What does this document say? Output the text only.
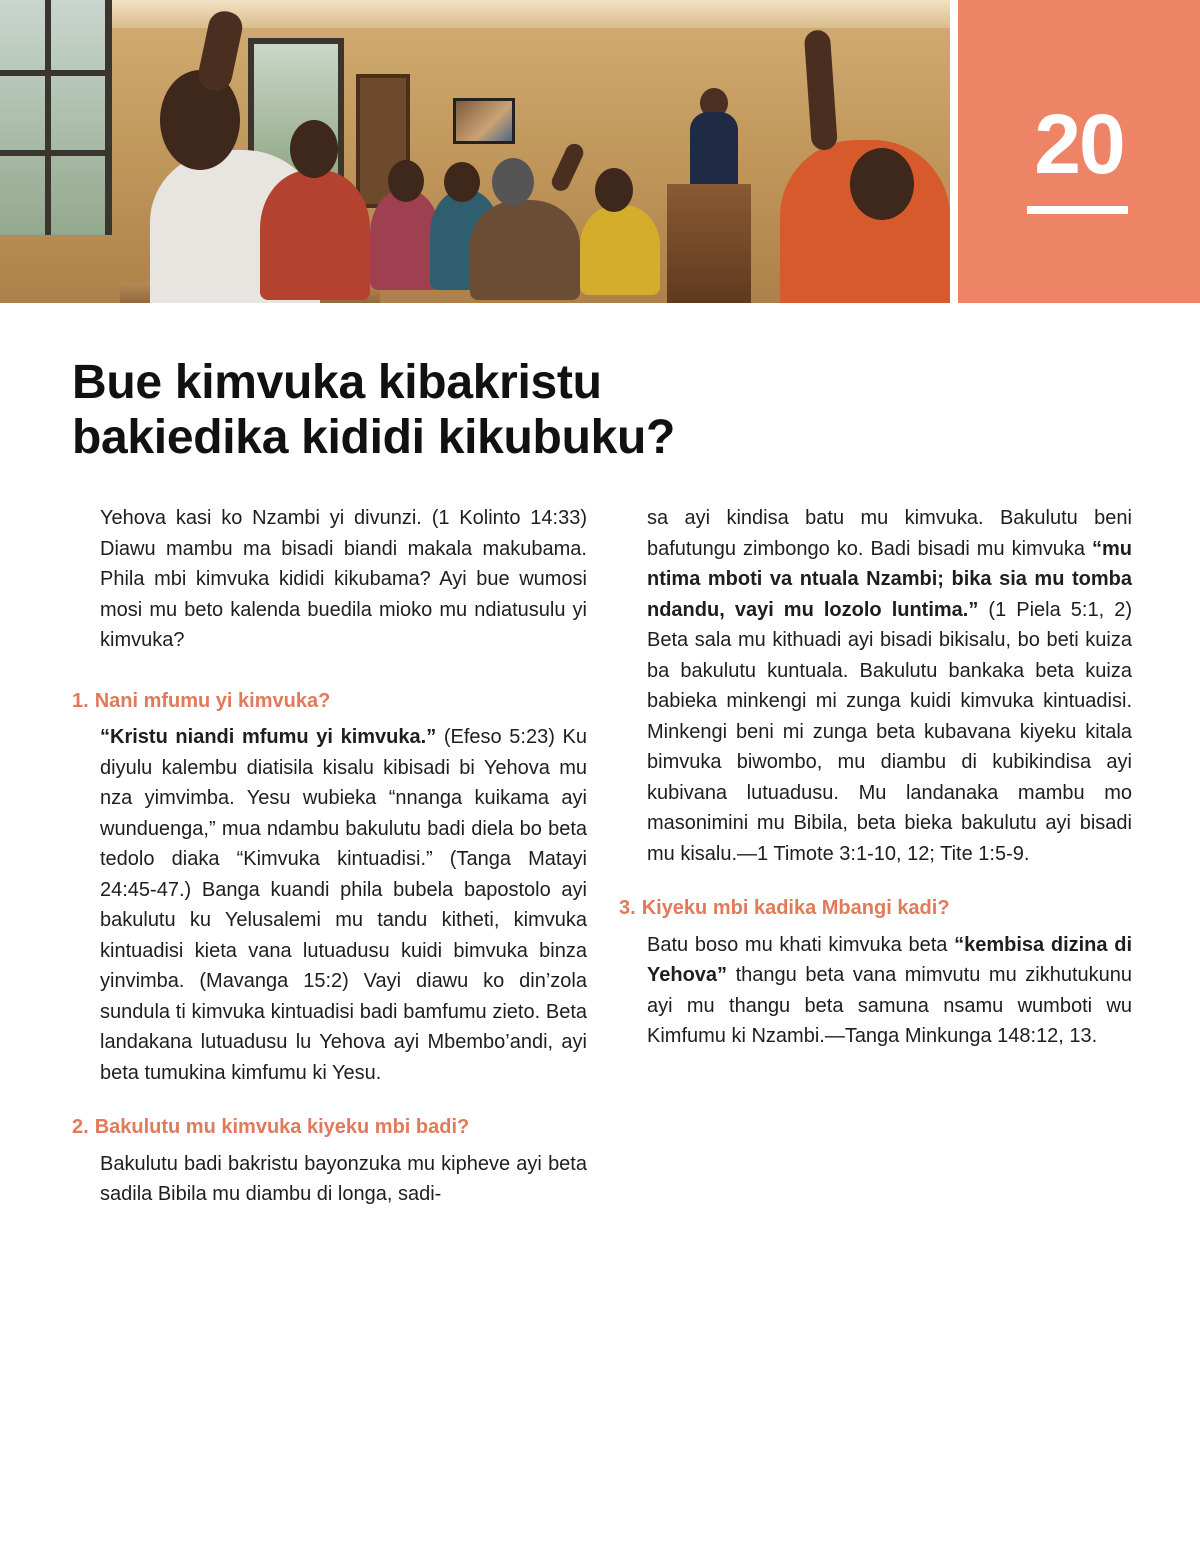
20
Bue kimvuka kibakristu
bakiedika kididi kikubuku?

Yehova kasi ko Nzambi yi divunzi. (1 Kolinto 14:33) Diawu mambu ma bisadi biandi makala makubama. Phila mbi kimvuka kididi kikubama? Ayi bue wumosi mosi mu beto kalenda buedila mioko mu ndiatusulu yi kimvuka?

1. Nani mfumu yi kimvuka?

“Kristu niandi mfumu yi kimvuka.” (Efeso 5:23) Ku diyulu kalembu diatisila kisalu kibisadi bi Yehova mu nza yimvimba. Yesu wubieka “nnanga kuikama ayi wunduenga,” mua ndambu bakulutu badi diela bo beta tedolo diaka “Kimvuka kintuadisi.” (Tanga Matayi 24:45-47.) Banga kuandi phila bubela bapostolo ayi bakulutu ku Yelusalemi mu tandu kitheti, kimvuka kintuadisi kieta vana lutuadusu kuidi bimvuka binza yinvimba. (Mavanga 15:2) Vayi diawu ko din’zola sundula ti kimvuka kintuadisi badi bamfumu zieto. Beta landakana lutuadusu lu Yehova ayi Mbembo’andi, ayi beta tumukina kimfumu ki Yesu.

2. Bakulutu mu kimvuka kiyeku mbi badi?

Bakulutu badi bakristu bayonzuka mu kipheve ayi beta sadila Bibila mu diambu di longa, sadi-

sa ayi kindisa batu mu kimvuka. Bakulutu beni bafutungu zimbongo ko. Badi bisadi mu kimvuka “mu ntima mboti va ntuala Nzambi; bika sia mu tomba ndandu, vayi mu lozolo luntima.” (1 Piela 5:1, 2) Beta sala mu kithuadi ayi bisadi bikisalu, bo beti kuiza ba bakulutu kuntuala. Bakulutu bankaka beta kuiza babieka minkengi mi zunga kuidi kimvuka kintuadisi. Minkengi beni mi zunga beta kubavana kiyeku kitala bimvuka biwombo, mu diambu di kubikindisa ayi kubivana lutuadusu. Mu landanaka mambu mo masonimini mu Bibila, beta bieka bakulutu ayi bisadi mu kisalu.—1 Timote 3:1-10, 12; Tite 1:5-9.

3. Kiyeku mbi kadika Mbangi kadi?

Batu boso mu khati kimvuka beta “kembisa dizina di Yehova” thangu beta vana mimvutu mu zikhutukunu ayi mu thangu beta samuna nsamu wumboti wu Kimfumu ki Nzambi.—Tanga Minkunga 148:12, 13.
